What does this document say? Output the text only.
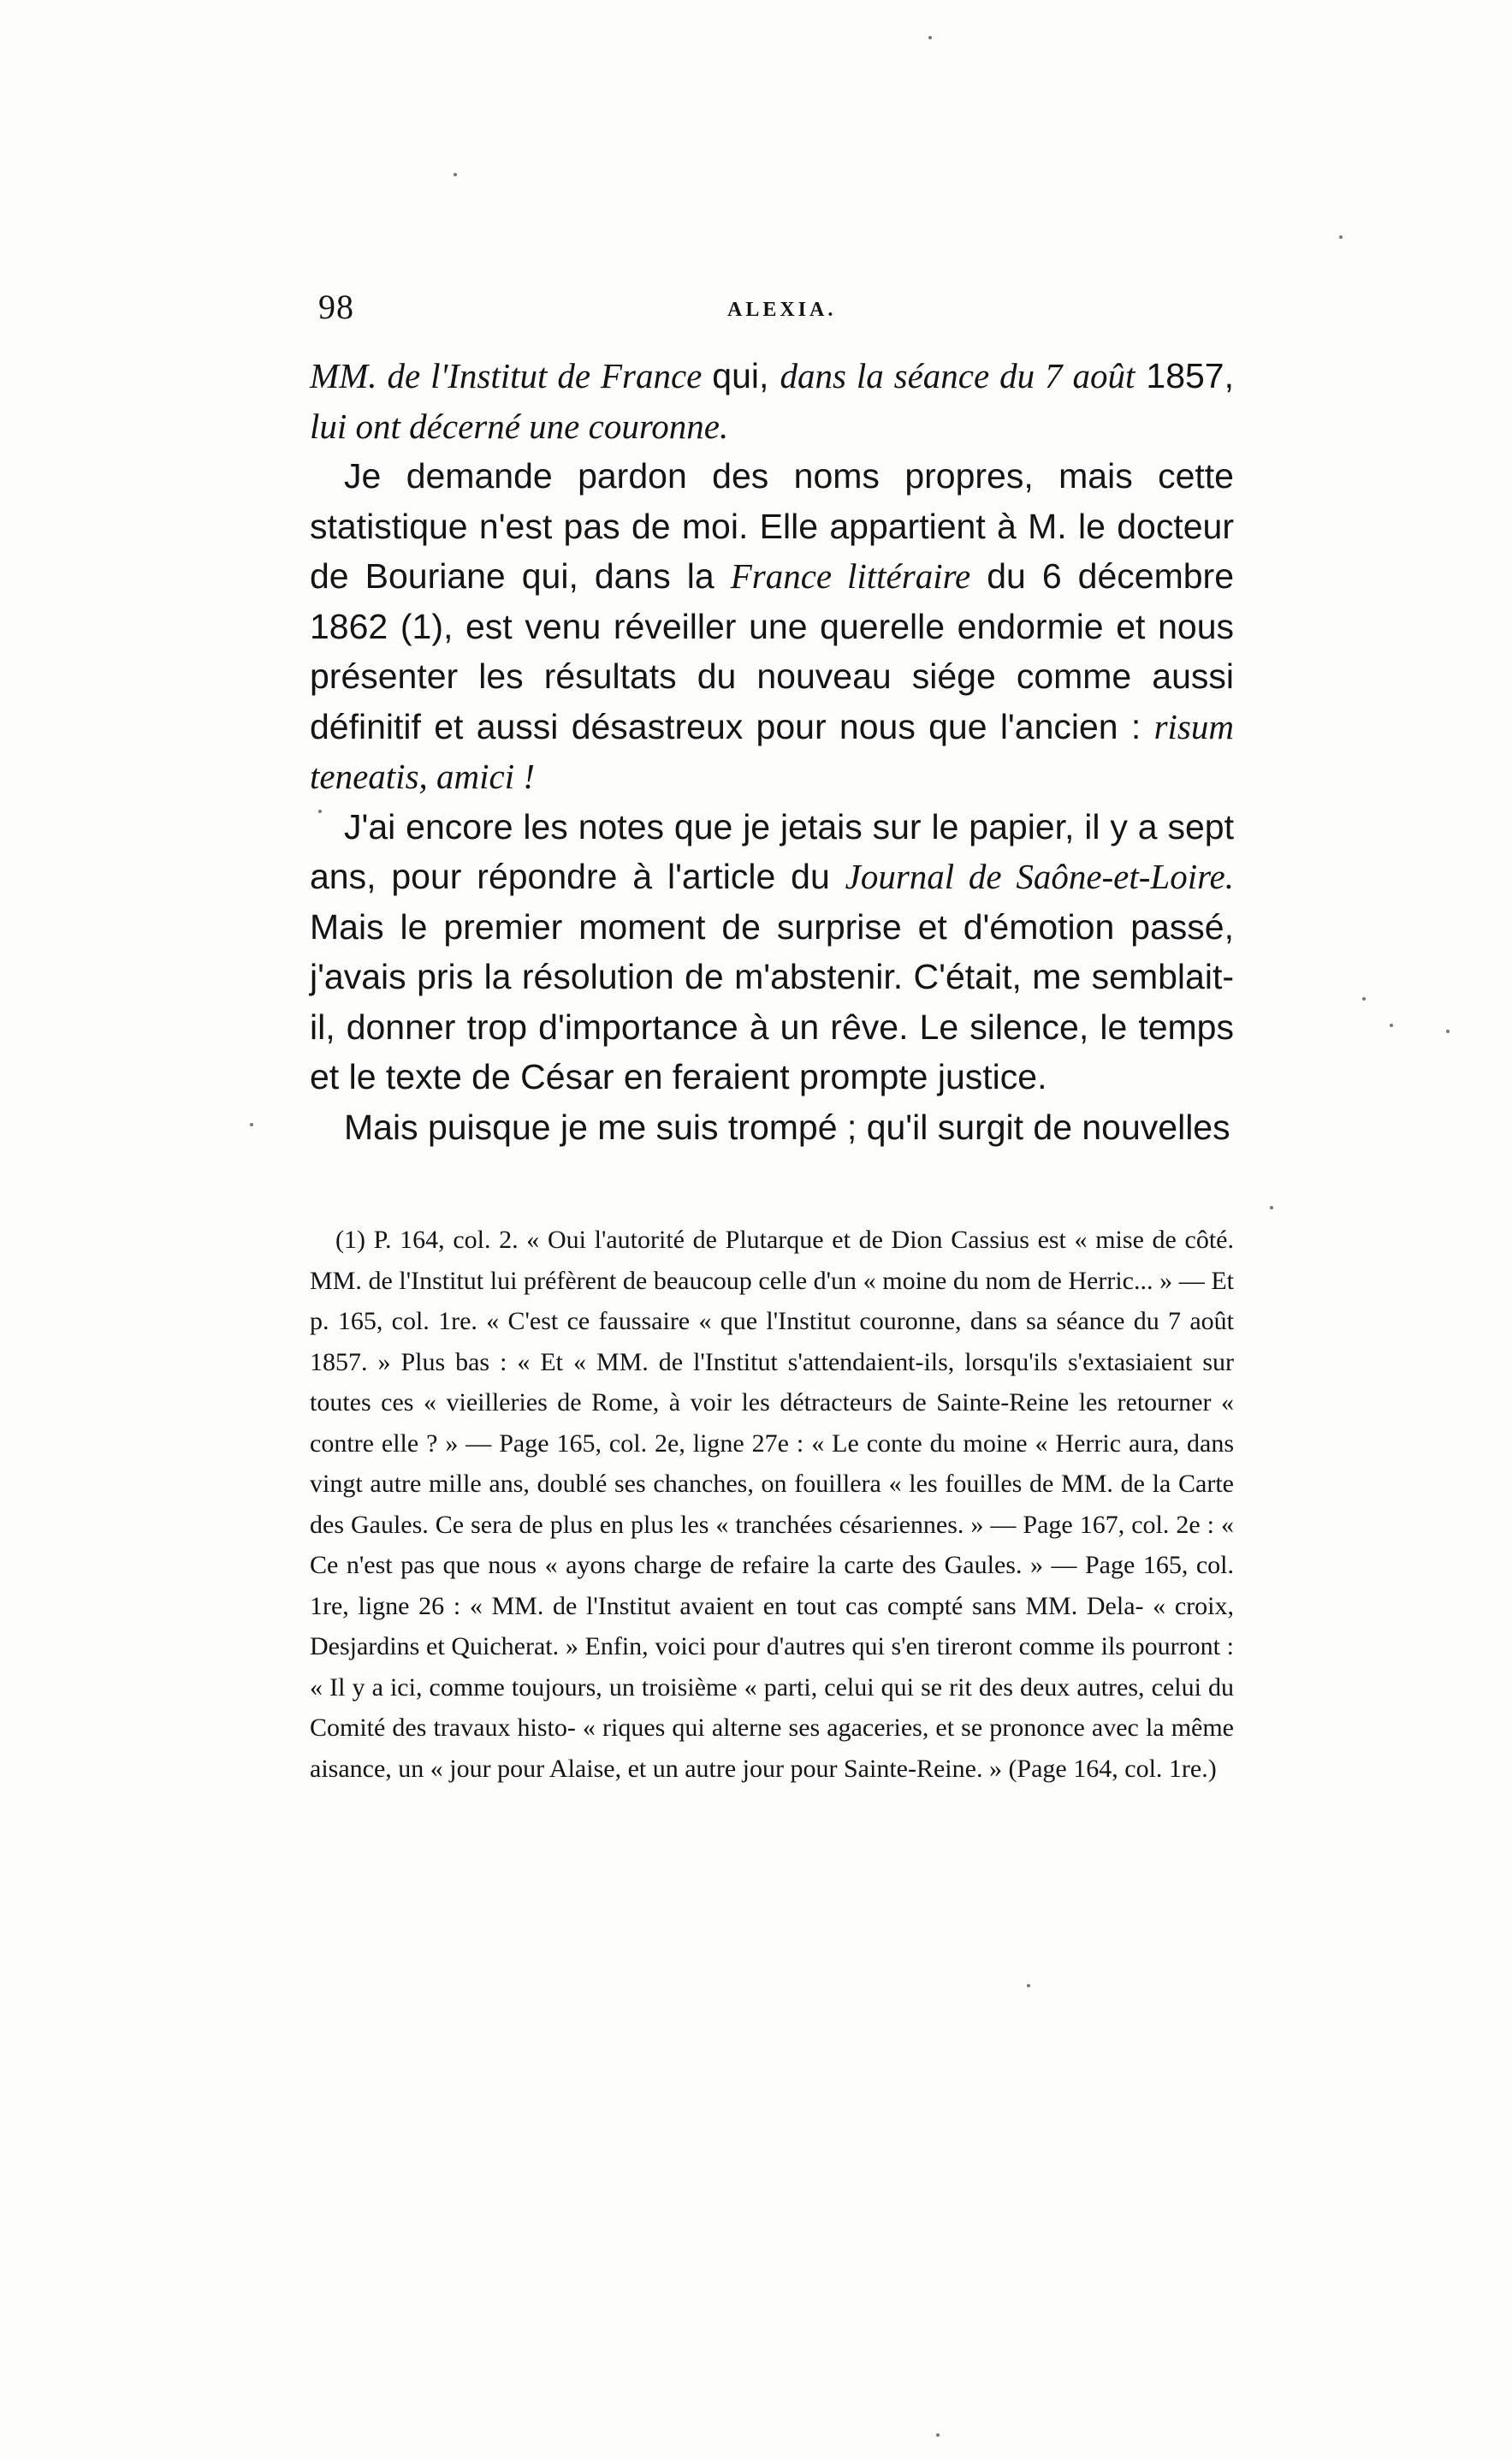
98	ALEXIA.

MM. de l'Institut de France qui, dans la séance du 7 août 1857, lui ont décerné une couronne.

Je demande pardon des noms propres, mais cette statistique n'est pas de moi. Elle appartient à M. le docteur de Bouriane qui, dans la France littéraire du 6 décembre 1862 (1), est venu réveiller une querelle endormie et nous présenter les résultats du nouveau siége comme aussi définitif et aussi désastreux pour nous que l'ancien : risum teneatis, amici !

J'ai encore les notes que je jetais sur le papier, il y a sept ans, pour répondre à l'article du Journal de Saône-et-Loire. Mais le premier moment de surprise et d'émotion passé, j'avais pris la résolution de m'abstenir. C'était, me semblait-il, donner trop d'importance à un rêve. Le silence, le temps et le texte de César en feraient prompte justice.

Mais puisque je me suis trompé ; qu'il surgit de nouvelles

(1) P. 164, col. 2. « Oui l'autorité de Plutarque et de Dion Cassius est « mise de côté. MM. de l'Institut lui préfèrent de beaucoup celle d'un « moine du nom de Herric... » — Et p. 165, col. 1re. « C'est ce faussaire « que l'Institut couronne, dans sa séance du 7 août 1857. » Plus bas : « Et « MM. de l'Institut s'attendaient-ils, lorsqu'ils s'extasiaient sur toutes ces « vieilleries de Rome, à voir les détracteurs de Sainte-Reine les retourner « contre elle ? » — Page 165, col. 2e, ligne 27e : « Le conte du moine « Herric aura, dans vingt autre mille ans, doublé ses chanches, on fouillera « les fouilles de MM. de la Carte des Gaules. Ce sera de plus en plus les « tranchées césariennes. » — Page 167, col. 2e : « Ce n'est pas que nous « ayons charge de refaire la carte des Gaules. » — Page 165, col. 1re, ligne 26 : « MM. de l'Institut avaient en tout cas compté sans MM. Dela- « croix, Desjardins et Quicherat. » Enfin, voici pour d'autres qui s'en tireront comme ils pourront : « Il y a ici, comme toujours, un troisième « parti, celui qui se rit des deux autres, celui du Comité des travaux histo- « riques qui alterne ses agaceries, et se prononce avec la même aisance, un « jour pour Alaise, et un autre jour pour Sainte-Reine. » (Page 164, col. 1re.)
